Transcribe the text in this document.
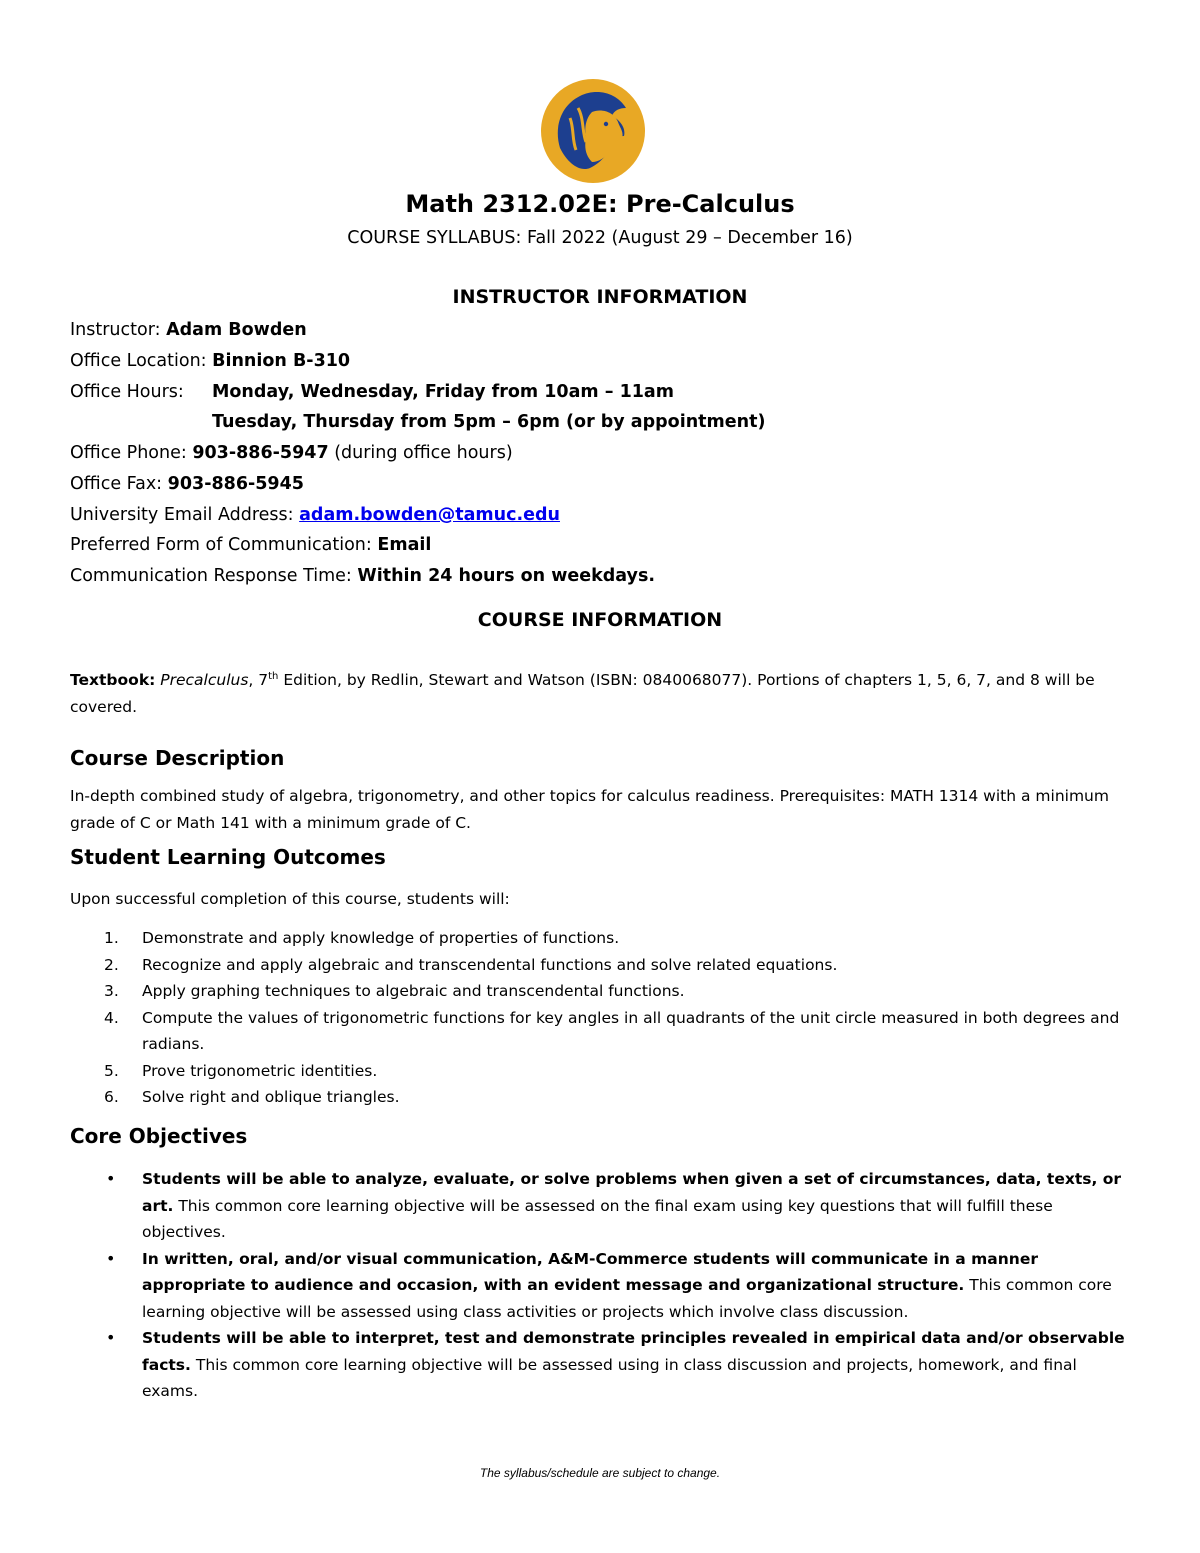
Math 2312.02E: Pre-Calculus
COURSE SYLLABUS: Fall 2022 (August 29 – December 16)
INSTRUCTOR INFORMATION
Instructor: Adam Bowden
Office Location: Binnion B-310
Office Hours: Monday, Wednesday, Friday from 10am – 11am
Tuesday, Thursday from 5pm – 6pm (or by appointment)
Office Phone: 903-886-5947 (during office hours)
Office Fax: 903-886-5945
University Email Address: adam.bowden@tamuc.edu
Preferred Form of Communication: Email
Communication Response Time: Within 24 hours on weekdays.
COURSE INFORMATION
Textbook: Precalculus, 7th Edition, by Redlin, Stewart and Watson (ISBN: 0840068077). Portions of chapters 1, 5, 6, 7, and 8 will be covered.
Course Description
In-depth combined study of algebra, trigonometry, and other topics for calculus readiness. Prerequisites: MATH 1314 with a minimum grade of C or Math 141 with a minimum grade of C.
Student Learning Outcomes
Upon successful completion of this course, students will:
1.	Demonstrate and apply knowledge of properties of functions.
2.	Recognize and apply algebraic and transcendental functions and solve related equations.
3.	Apply graphing techniques to algebraic and transcendental functions.
4.	Compute the values of trigonometric functions for key angles in all quadrants of the unit circle measured in both degrees and radians.
5.	Prove trigonometric identities.
6.	Solve right and oblique triangles.
Core Objectives
• Students will be able to analyze, evaluate, or solve problems when given a set of circumstances, data, texts, or art. This common core learning objective will be assessed on the final exam using key questions that will fulfill these objectives.
• In written, oral, and/or visual communication, A&M-Commerce students will communicate in a manner appropriate to audience and occasion, with an evident message and organizational structure. This common core learning objective will be assessed using class activities or projects which involve class discussion.
• Students will be able to interpret, test and demonstrate principles revealed in empirical data and/or observable facts. This common core learning objective will be assessed using in class discussion and projects, homework, and final exams.
The syllabus/schedule are subject to change.
